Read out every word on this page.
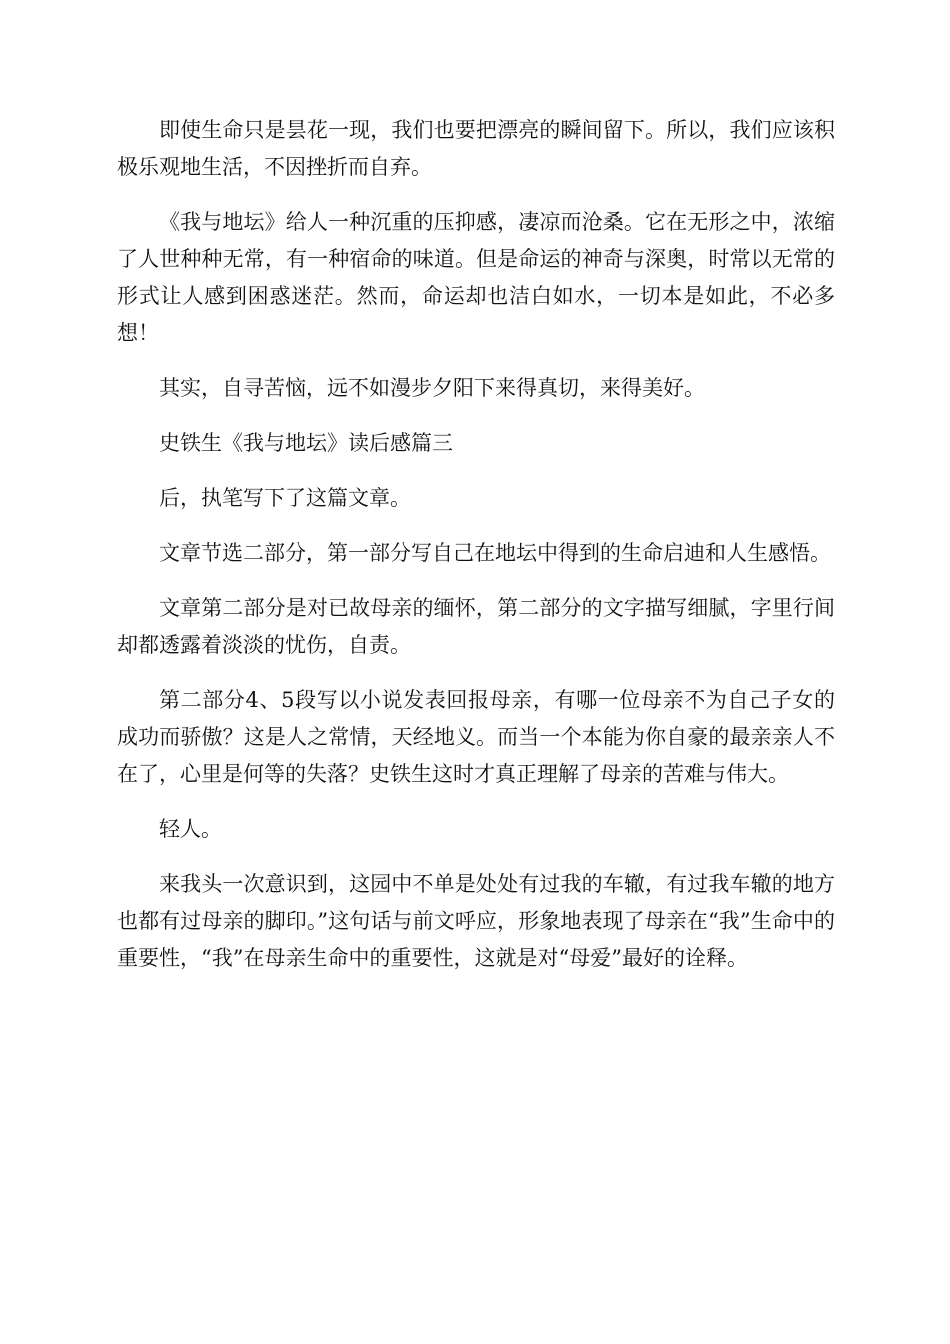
即使生命只是昙花一现，我们也要把漂亮的瞬间留下。所以，我们应该积极乐观地生活，不因挫折而自弃。

《我与地坛》给人一种沉重的压抑感，凄凉而沧桑。它在无形之中，浓缩了人世种种无常，有一种宿命的味道。但是命运的神奇与深奥，时常以无常的形式让人感到困惑迷茫。然而，命运却也洁白如水，一切本是如此，不必多想！

其实，自寻苦恼，远不如漫步夕阳下来得真切，来得美好。

史铁生《我与地坛》读后感篇三

后，执笔写下了这篇文章。

文章节选二部分，第一部分写自己在地坛中得到的生命启迪和人生感悟。

文章第二部分是对已故母亲的缅怀，第二部分的文字描写细腻，字里行间却都透露着淡淡的忧伤，自责。

第二部分4、5段写以小说发表回报母亲，有哪一位母亲不为自己子女的成功而骄傲？这是人之常情，天经地义。而当一个本能为你自豪的最亲亲人不在了，心里是何等的失落？史铁生这时才真正理解了母亲的苦难与伟大。

轻人。

来我头一次意识到，这园中不单是处处有过我的车辙，有过我车辙的地方也都有过母亲的脚印。”这句话与前文呼应，形象地表现了母亲在“我”生命中的重要性，“我”在母亲生命中的重要性，这就是对“母爱”最好的诠释。
